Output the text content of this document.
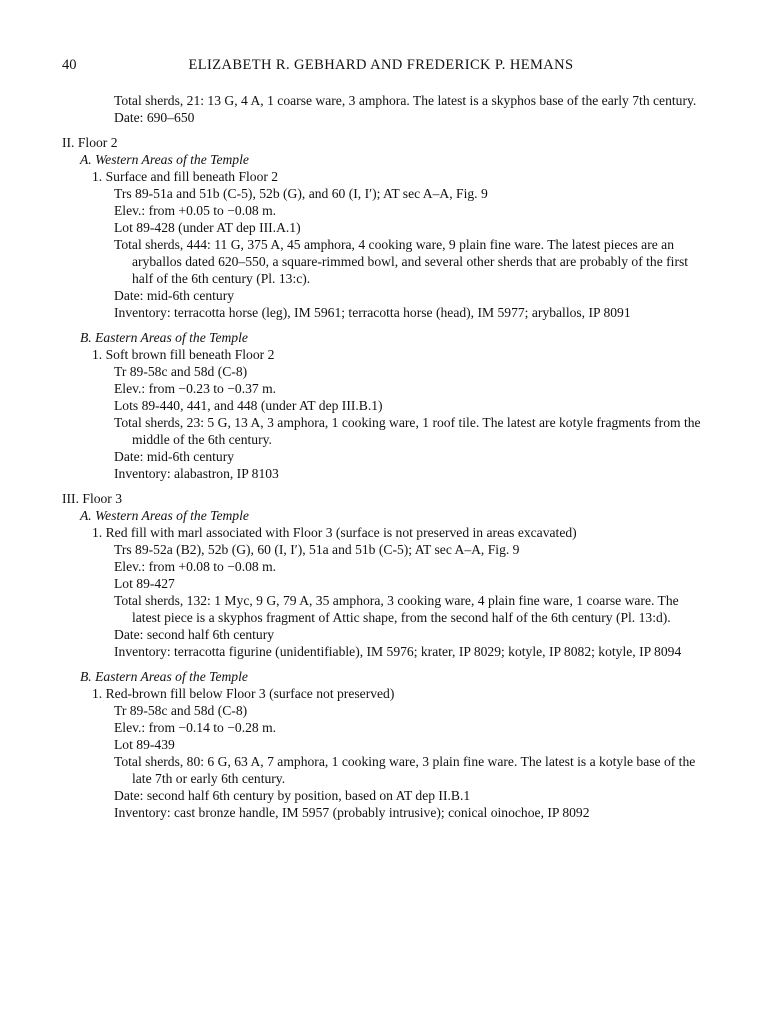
40	ELIZABETH R. GEBHARD AND FREDERICK P. HEMANS
Total sherds, 21: 13 G, 4 A, 1 coarse ware, 3 amphora. The latest is a skyphos base of the early 7th century.
Date: 690–650
II. Floor 2
A. Western Areas of the Temple
1. Surface and fill beneath Floor 2
Trs 89-51a and 51b (C-5), 52b (G), and 60 (I, I′); AT sec A–A, Fig. 9
Elev.: from +0.05 to −0.08 m.
Lot 89-428 (under AT dep III.A.1)
Total sherds, 444: 11 G, 375 A, 45 amphora, 4 cooking ware, 9 plain fine ware. The latest pieces are an aryballos dated 620–550, a square-rimmed bowl, and several other sherds that are probably of the first half of the 6th century (Pl. 13:c).
Date: mid-6th century
Inventory: terracotta horse (leg), IM 5961; terracotta horse (head), IM 5977; aryballos, IP 8091
B. Eastern Areas of the Temple
1. Soft brown fill beneath Floor 2
Tr 89-58c and 58d (C-8)
Elev.: from −0.23 to −0.37 m.
Lots 89-440, 441, and 448 (under AT dep III.B.1)
Total sherds, 23: 5 G, 13 A, 3 amphora, 1 cooking ware, 1 roof tile. The latest are kotyle fragments from the middle of the 6th century.
Date: mid-6th century
Inventory: alabastron, IP 8103
III. Floor 3
A. Western Areas of the Temple
1. Red fill with marl associated with Floor 3 (surface is not preserved in areas excavated)
Trs 89-52a (B2), 52b (G), 60 (I, I′), 51a and 51b (C-5); AT sec A–A, Fig. 9
Elev.: from +0.08 to −0.08 m.
Lot 89-427
Total sherds, 132: 1 Myc, 9 G, 79 A, 35 amphora, 3 cooking ware, 4 plain fine ware, 1 coarse ware. The latest piece is a skyphos fragment of Attic shape, from the second half of the 6th century (Pl. 13:d).
Date: second half 6th century
Inventory: terracotta figurine (unidentifiable), IM 5976; krater, IP 8029; kotyle, IP 8082; kotyle, IP 8094
B. Eastern Areas of the Temple
1. Red-brown fill below Floor 3 (surface not preserved)
Tr 89-58c and 58d (C-8)
Elev.: from −0.14 to −0.28 m.
Lot 89-439
Total sherds, 80: 6 G, 63 A, 7 amphora, 1 cooking ware, 3 plain fine ware. The latest is a kotyle base of the late 7th or early 6th century.
Date: second half 6th century by position, based on AT dep II.B.1
Inventory: cast bronze handle, IM 5957 (probably intrusive); conical oinochoe, IP 8092
